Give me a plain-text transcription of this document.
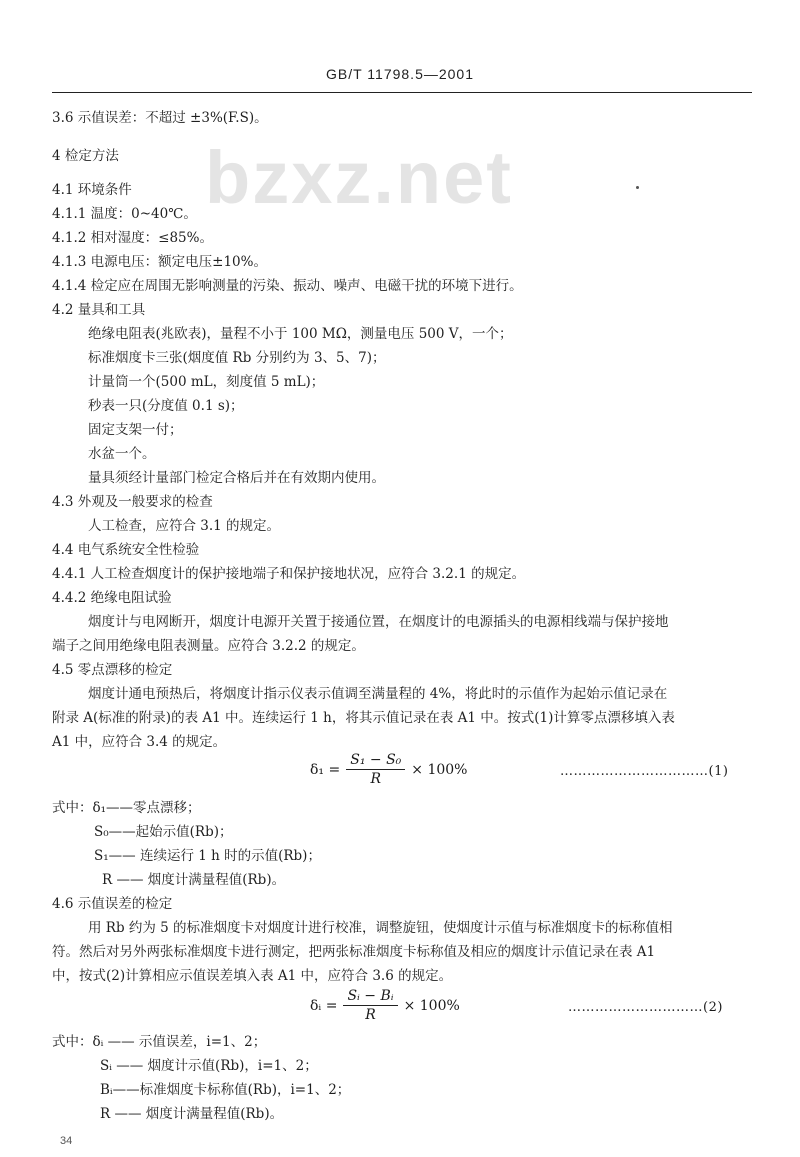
GB/T 11798.5—2001
bzxz.net
3.6 示值误差：不超过 ±3%(F.S)。
4 检定方法
4.1 环境条件
4.1.1 温度：0~40℃。
4.1.2 相对湿度：≤85%。
4.1.3 电源电压：额定电压±10%。
4.1.4 检定应在周围无影响测量的污染、振动、噪声、电磁干扰的环境下进行。
4.2 量具和工具
绝缘电阻表(兆欧表)，量程不小于 100 MΩ，测量电压 500 V，一个；
标准烟度卡三张(烟度值 Rb 分别约为 3、5、7)；
计量筒一个(500 mL，刻度值 5 mL)；
秒表一只(分度值 0.1 s)；
固定支架一付；
水盆一个。
量具须经计量部门检定合格后并在有效期内使用。
4.3 外观及一般要求的检查
人工检查，应符合 3.1 的规定。
4.4 电气系统安全性检验
4.4.1 人工检查烟度计的保护接地端子和保护接地状况，应符合 3.2.1 的规定。
4.4.2 绝缘电阻试验
烟度计与电网断开，烟度计电源开关置于接通位置，在烟度计的电源插头的电源相线端与保护接地
端子之间用绝缘电阻表测量。应符合 3.2.2 的规定。
4.5 零点漂移的检定
烟度计通电预热后，将烟度计指示仪表示值调至满量程的 4%，将此时的示值作为起始示值记录在
附录 A(标准的附录)的表 A1 中。连续运行 1 h，将其示值记录在表 A1 中。按式(1)计算零点漂移填入表
A1 中，应符合 3.4 的规定。
$\delta_1 = \frac{\text{S₁ − S₀}}{R} \times 100\%$	……………………………(1)
式中：δ₁——零点漂移；
S₀——起始示值(Rb)；
S₁—— 连续运行 1 h 时的示值(Rb)；
R —— 烟度计满量程值(Rb)。
4.6 示值误差的检定
用 Rb 约为 5 的标准烟度卡对烟度计进行校准，调整旋钮，使烟度计示值与标准烟度卡的标称值相
符。然后对另外两张标准烟度卡进行测定，把两张标准烟度卡标称值及相应的烟度计示值记录在表 A1
中，按式(2)计算相应示值误差填入表 A1 中，应符合 3.6 的规定。
δᵢ = $\frac{\text{Sᵢ − Bᵢ}}{R} \times 100\%$	…………………………(2)
式中：δᵢ —— 示值误差，i=1、2；
Sᵢ —— 烟度计示值(Rb)，i=1、2；
Bᵢ——标准烟度卡标称值(Rb)，i=1、2；
R —— 烟度计满量程值(Rb)。
34
